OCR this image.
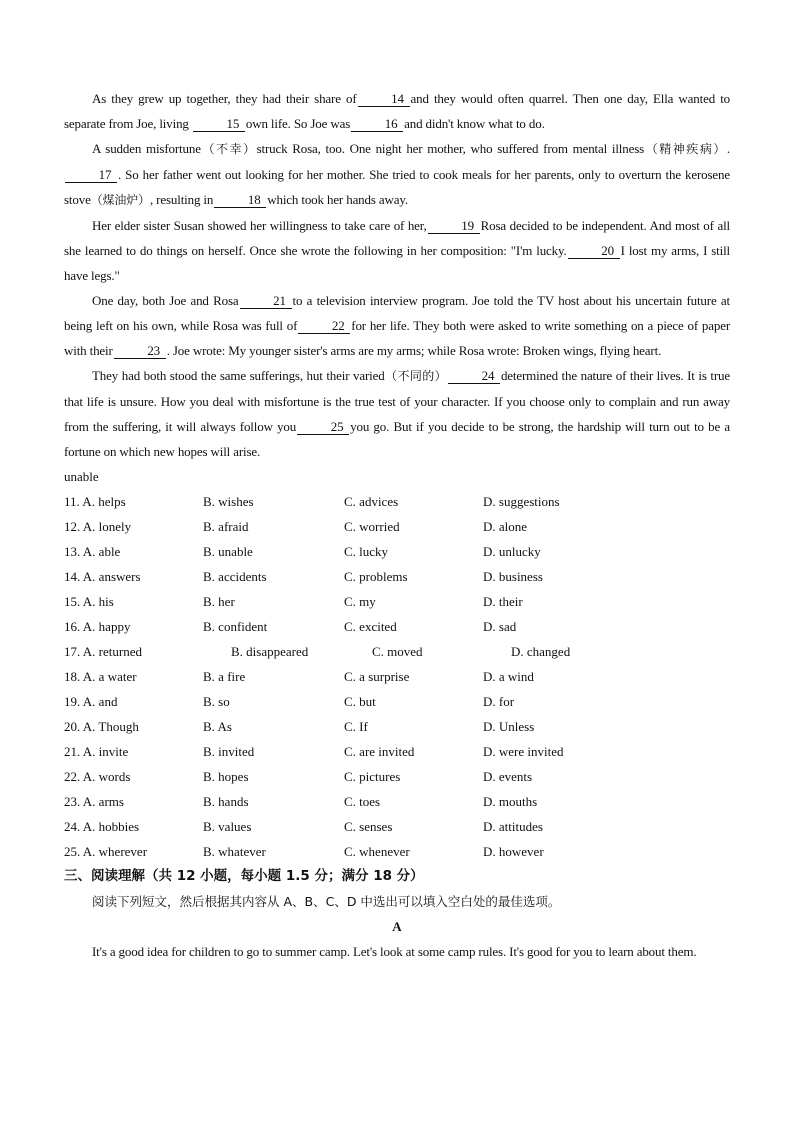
As they grew up together, they had their share of	14 and they would often quarrel. Then one day, Ella wanted to separate from Joe, living	15 own life. So Joe was	16 and didn't know what to do.

A sudden misfortune（不幸）struck Rosa, too. One night her mother, who suffered from mental illness（精神疾病）.17 . So her father went out looking for her mother. She tried to cook meals for her parents, only to overturn the kerosene stove（煤油炉）, resulting in	18 which took her hands away.

Her elder sister Susan showed her willingness to take care of her,	19 Rosa decided to be independent. And most of all she learned to do things on herself. Once she wrote the following in her composition: "I'm lucky.	20 I lost my arms, I still have legs."

One day, both Joe and Rosa	21 to a television interview program. Joe told the TV host about his uncertain future at being left on his own, while Rosa was full of	22 for her life. They both were asked to write something on a piece of paper with their	23 . Joe wrote: My younger sister's arms are my arms; while Rosa wrote: Broken wings, flying heart.

They had both stood the same sufferings, hut their varied（不同的）	24 determined the nature of their lives. It is true that life is unsure. How you deal with misfortune is the true test of your character. If you choose only to complain and run away from the suffering, it will always follow you	25 you go. But if you decide to be strong, the hardship will turn out to be a fortune on which new hopes will arise.

unable

11. A. helps	B. wishes	C. advices	D. suggestions
12. A. lonely	B. afraid	C. worried	D. alone
13. A. able	B. unable	C. lucky	D. unlucky
14. A. answers	B. accidents	C. problems	D. business
15. A. his	B. her	C. my	D. their
16. A. happy	B. confident	C. excited	D. sad
17. A. returned	B. disappeared	C. moved	D. changed
18. A. a water	B. a fire	C. a surprise	D. a wind
19. A. and	B. so	C. but	D. for
20. A. Though	B. As	C. If	D. Unless
21. A. invite	B. invited	C. are invited	D. were invited
22. A. words	B. hopes	C. pictures	D. events
23. A. arms	B. hands	C. toes	D. mouths
24. A. hobbies	B. values	C. senses	D. attitudes
25. A. wherever	B. whatever	C. whenever	D. however

三、阅读理解（共 12 小题，每小题 1.5 分；满分 18 分）

阅读下列短文，然后根据其内容从 A、B、C、D 中选出可以填入空白处的最佳选项。

A

It's a good idea for children to go to summer camp. Let's look at some camp rules. It's good for you to learn about them.
